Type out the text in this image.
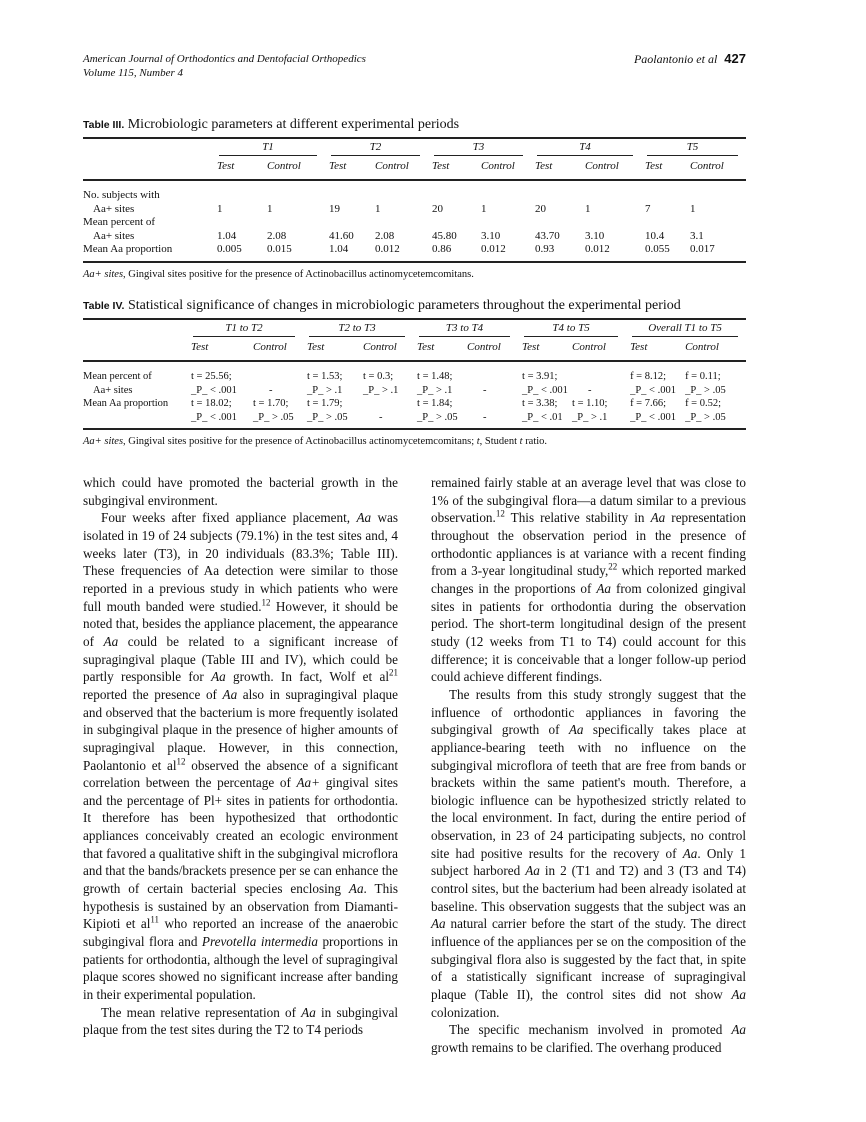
American Journal of Orthodontics and Dentofacial Orthopedics
Volume 115, Number 4
Paolantonio et al 427
Table III. Microbiologic parameters at different experimental periods

	T1		T2		T3		T4		T5	

	Test	Control	Test	Control	Test	Control	Test	Control	Test	Control
No. subjects with										
Aa+ sites	1	1	19	1	20	1	20	1	7	1
Mean percent of										
Aa+ sites	1.04	2.08	41.60	2.08	45.80	3.10	43.70	3.10	10.4	3.1
Mean Aa proportion	0.005	0.015	1.04	0.012	0.86	0.012	0.93	0.012	0.055	0.017
Aa+ sites, Gingival sites positive for the presence of Actinobacillus actinomycetemcomitans.
Table IV. Statistical significance of changes in microbiologic parameters throughout the experimental period

	T1 to T2		T2 to T3		T3 to T4		T4 to T5		Overall T1 to T5	

	Test	Control	Test	Control	Test	Control	Test	Control	Test	Control
Mean percent of	t = 25.56;		t = 1.53;	t = 0.3;	t = 1.48;		t = 3.91;		f = 8.12;	f = 0.11;
Aa+ sites	_P_ < .001	-	_P_ > .1	_P_ > .1	_P_ > .1	-	_P_ < .001	-	_P_ < .001	_P_ > .05
Mean Aa proportion	t = 18.02;	t = 1.70;	t = 1.79;		t = 1.84;		t = 3.38;	t = 1.10;	f = 7.66;	f = 0.52;
	_P_ < .001	_P_ > .05	_P_ > .05	-	_P_ > .05	-	_P_ < .01	_P_ > .1	_P_ < .001	_P_ > .05
Aa+ sites, Gingival sites positive for the presence of Actinobacillus actinomycetemcomitans; t, Student t ratio.

which could have promoted the bacterial growth in the subgingival environment.

Four weeks after fixed appliance placement, Aa was isolated in 19 of 24 subjects (79.1%) in the test sites and, 4 weeks later (T3), in 20 individuals (83.3%; Table III). These frequencies of Aa detection were similar to those reported in a previous study in which patients who were full mouth banded were studied.$^{12}$ However, it should be noted that, besides the appliance placement, the appearance of Aa could be related to a significant increase of supragingival plaque (Table III and IV), which could be partly responsible for Aa growth. In fact, Wolf et $al^{21}$ reported the presence of Aa also in supragingival plaque and observed that the bacterium is more frequently isolated in subgingival plaque in the presence of higher amounts of supragingival plaque. However, in this connection, Paolantonio et $al^{12}$ observed the absence of a significant correlation between the percentage of Aa+ gingival sites and the percentage of Pl+ sites in patients for orthodontia. It therefore has been hypothesized that orthodontic appliances conceivably created an ecologic environment that favored a qualitative shift in the subgingival microflora and that the bands/brackets presence per se can enhance the growth of certain bacterial species enclosing Aa. This hypothesis is sustained by an observation from Diamanti-Kipioti et $al^{11}$ who reported an increase of the anaerobic subgingival flora and Prevotella intermedia proportions in patients for orthodontia, although the level of supragingival plaque scores showed no significant increase after banding in their experimental population.

The mean relative representation of Aa in subgingival plaque from the test sites during the T2 to T4 periods

remained fairly stable at an average level that was close to 1% of the subgingival flora—a datum similar to a previous observation.$^{12}$ This relative stability in Aa representation throughout the observation period in the presence of orthodontic appliances is at variance with a recent finding from a 3-year longitudinal study,$^{22}$ which reported marked changes in the proportions of Aa from colonized gingival sites in patients for orthodontia during the observation period. The short-term longitudinal design of the present study (12 weeks from T1 to T4) could account for this difference; it is conceivable that a longer follow-up period could achieve different findings.

The results from this study strongly suggest that the influence of orthodontic appliances in favoring the subgingival growth of Aa specifically takes place at appliance-bearing teeth with no influence on the subgingival microflora of teeth that are free from bands or brackets within the same patient's mouth. Therefore, a biologic influence can be hypothesized strictly related to the local environment. In fact, during the entire period of observation, in 23 of 24 participating subjects, no control site had positive results for the recovery of Aa. Only 1 subject harbored Aa in 2 (T1 and T2) and 3 (T3 and T4) control sites, but the bacterium had been already isolated at baseline. This observation suggests that the subject was an Aa natural carrier before the start of the study. The direct influence of the appliances per se on the composition of the subgingival flora also is suggested by the fact that, in spite of a statistically significant increase of supragingival plaque (Table II), the control sites did not show Aa colonization.

The specific mechanism involved in promoted Aa growth remains to be clarified. The overhang produced
